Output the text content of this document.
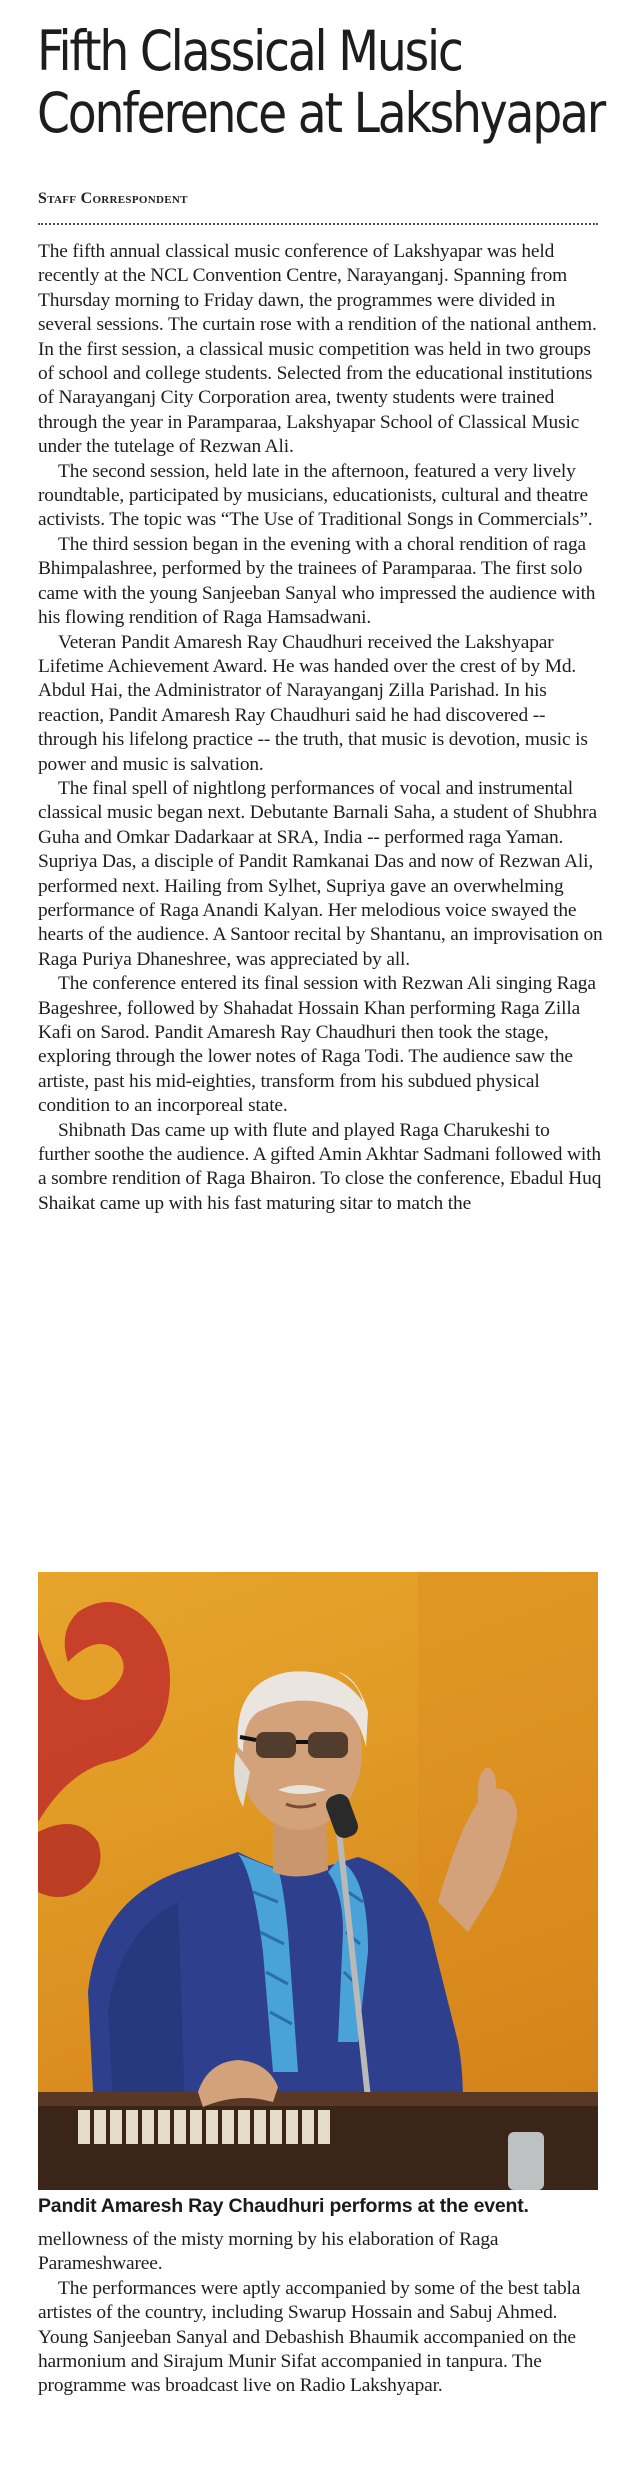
Fifth Classical Music
Conference at Lakshyapar

Staff Correspondent

The fifth annual classical music conference of Lakshyapar was held recently at the NCL Convention Centre, Narayanganj. Spanning from Thursday morning to Friday dawn, the programmes were divided in several sessions. The curtain rose with a rendition of the national anthem. In the first session, a classical music competition was held in two groups of school and college students. Selected from the educational institutions of Narayanganj City Corporation area, twenty students were trained through the year in Paramparaa, Lakshyapar School of Classical Music under the tutelage of Rezwan Ali.

The second session, held late in the afternoon, featured a very lively roundtable, participated by musicians, educationists, cultural and theatre activists. The topic was “The Use of Traditional Songs in Commercials”.

The third session began in the evening with a choral rendition of raga Bhimpalashree, performed by the trainees of Paramparaa. The first solo came with the young Sanjeeban Sanyal who impressed the audience with his flowing rendition of Raga Hamsadwani.

Veteran Pandit Amaresh Ray Chaudhuri received the Lakshyapar Lifetime Achievement Award. He was handed over the crest of by Md. Abdul Hai, the Administrator of Narayanganj Zilla Parishad. In his reaction, Pandit Amaresh Ray Chaudhuri said he had discovered -- through his lifelong practice -- the truth, that music is devotion, music is power and music is salvation.

The final spell of nightlong performances of vocal and instrumental classical music began next. Debutante Barnali Saha, a student of Shubhra Guha and Omkar Dadarkaar at SRA, India -- performed raga Yaman. Supriya Das, a disciple of Pandit Ramkanai Das and now of Rezwan Ali, performed next. Hailing from Sylhet, Supriya gave an overwhelming performance of Raga Anandi Kalyan. Her melodious voice swayed the hearts of the audience. A Santoor recital by Shantanu, an improvisation on Raga Puriya Dhaneshree, was appreciated by all.

The conference entered its final session with Rezwan Ali singing Raga Bageshree, followed by Shahadat Hossain Khan performing Raga Zilla Kafi on Sarod. Pandit Amaresh Ray Chaudhuri then took the stage, exploring through the lower notes of Raga Todi. The audience saw the artiste, past his mid-eighties, transform from his subdued physical condition to an incorporeal state.

Shibnath Das came up with flute and played Raga Charukeshi to further soothe the audience. A gifted Amin Akhtar Sadmani followed with a sombre rendition of Raga Bhairon. To close the conference, Ebadul Huq Shaikat came up with his fast maturing sitar to match the

Pandit Amaresh Ray Chaudhuri performs at the event.

mellowness of the misty morning by his elaboration of Raga Parameshwaree.

The performances were aptly accompanied by some of the best tabla artistes of the country, including Swarup Hossain and Sabuj Ahmed. Young Sanjeeban Sanyal and Debashish Bhaumik accompanied on the harmonium and Sirajum Munir Sifat accompanied in tanpura. The programme was broadcast live on Radio Lakshyapar.
